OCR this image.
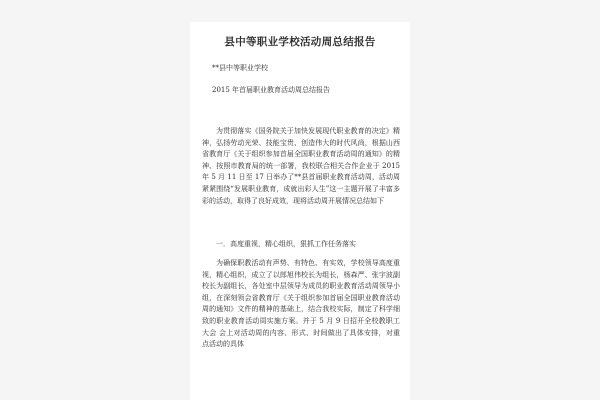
县中等职业学校活动周总结报告
**县中等职业学校
2015 年首届职业教育活动周总结报告

为贯彻落实《国务院关于加快发展现代职业教育的决定》精神，弘扬劳动光荣、技能宝贵、创造伟大的时代风尚，根据山西省教育厅《关于组织参加首届全国职业教育活动周的通知》的精神、按照市教育局的统一部署，我校联合相关合作企业于 2015 年 5 月 11 日至 17 日举办了**县首届职业教育活动周，活动周紧紧围绕“发展职业教育，成就出彩人生”这一主题开展了丰富多彩的活动，取得了良好成效，现将活动周开展情况总结如下

一．高度重视，精心组织，狠抓工作任务落实

为确保职教活动有声势、有特色、有实效，学校领导高度重视，精心组织，成立了以郎旭伟校长为组长，杨森严、张宇波副校长为副组长，各处室中层领导为成员的职业教育活动周领导小组，在深刻领会省教育厅《关于组织参加首届全国职业教育活动周的通知》文件的精神的基础上，结合我校实际，制定了科学细致的职业教育活动周实施方案。并于 5 月 9 日招开全校教职工大会 会上对活动周的内容、形式、时间做出了具体安排，对重点活动的具体
